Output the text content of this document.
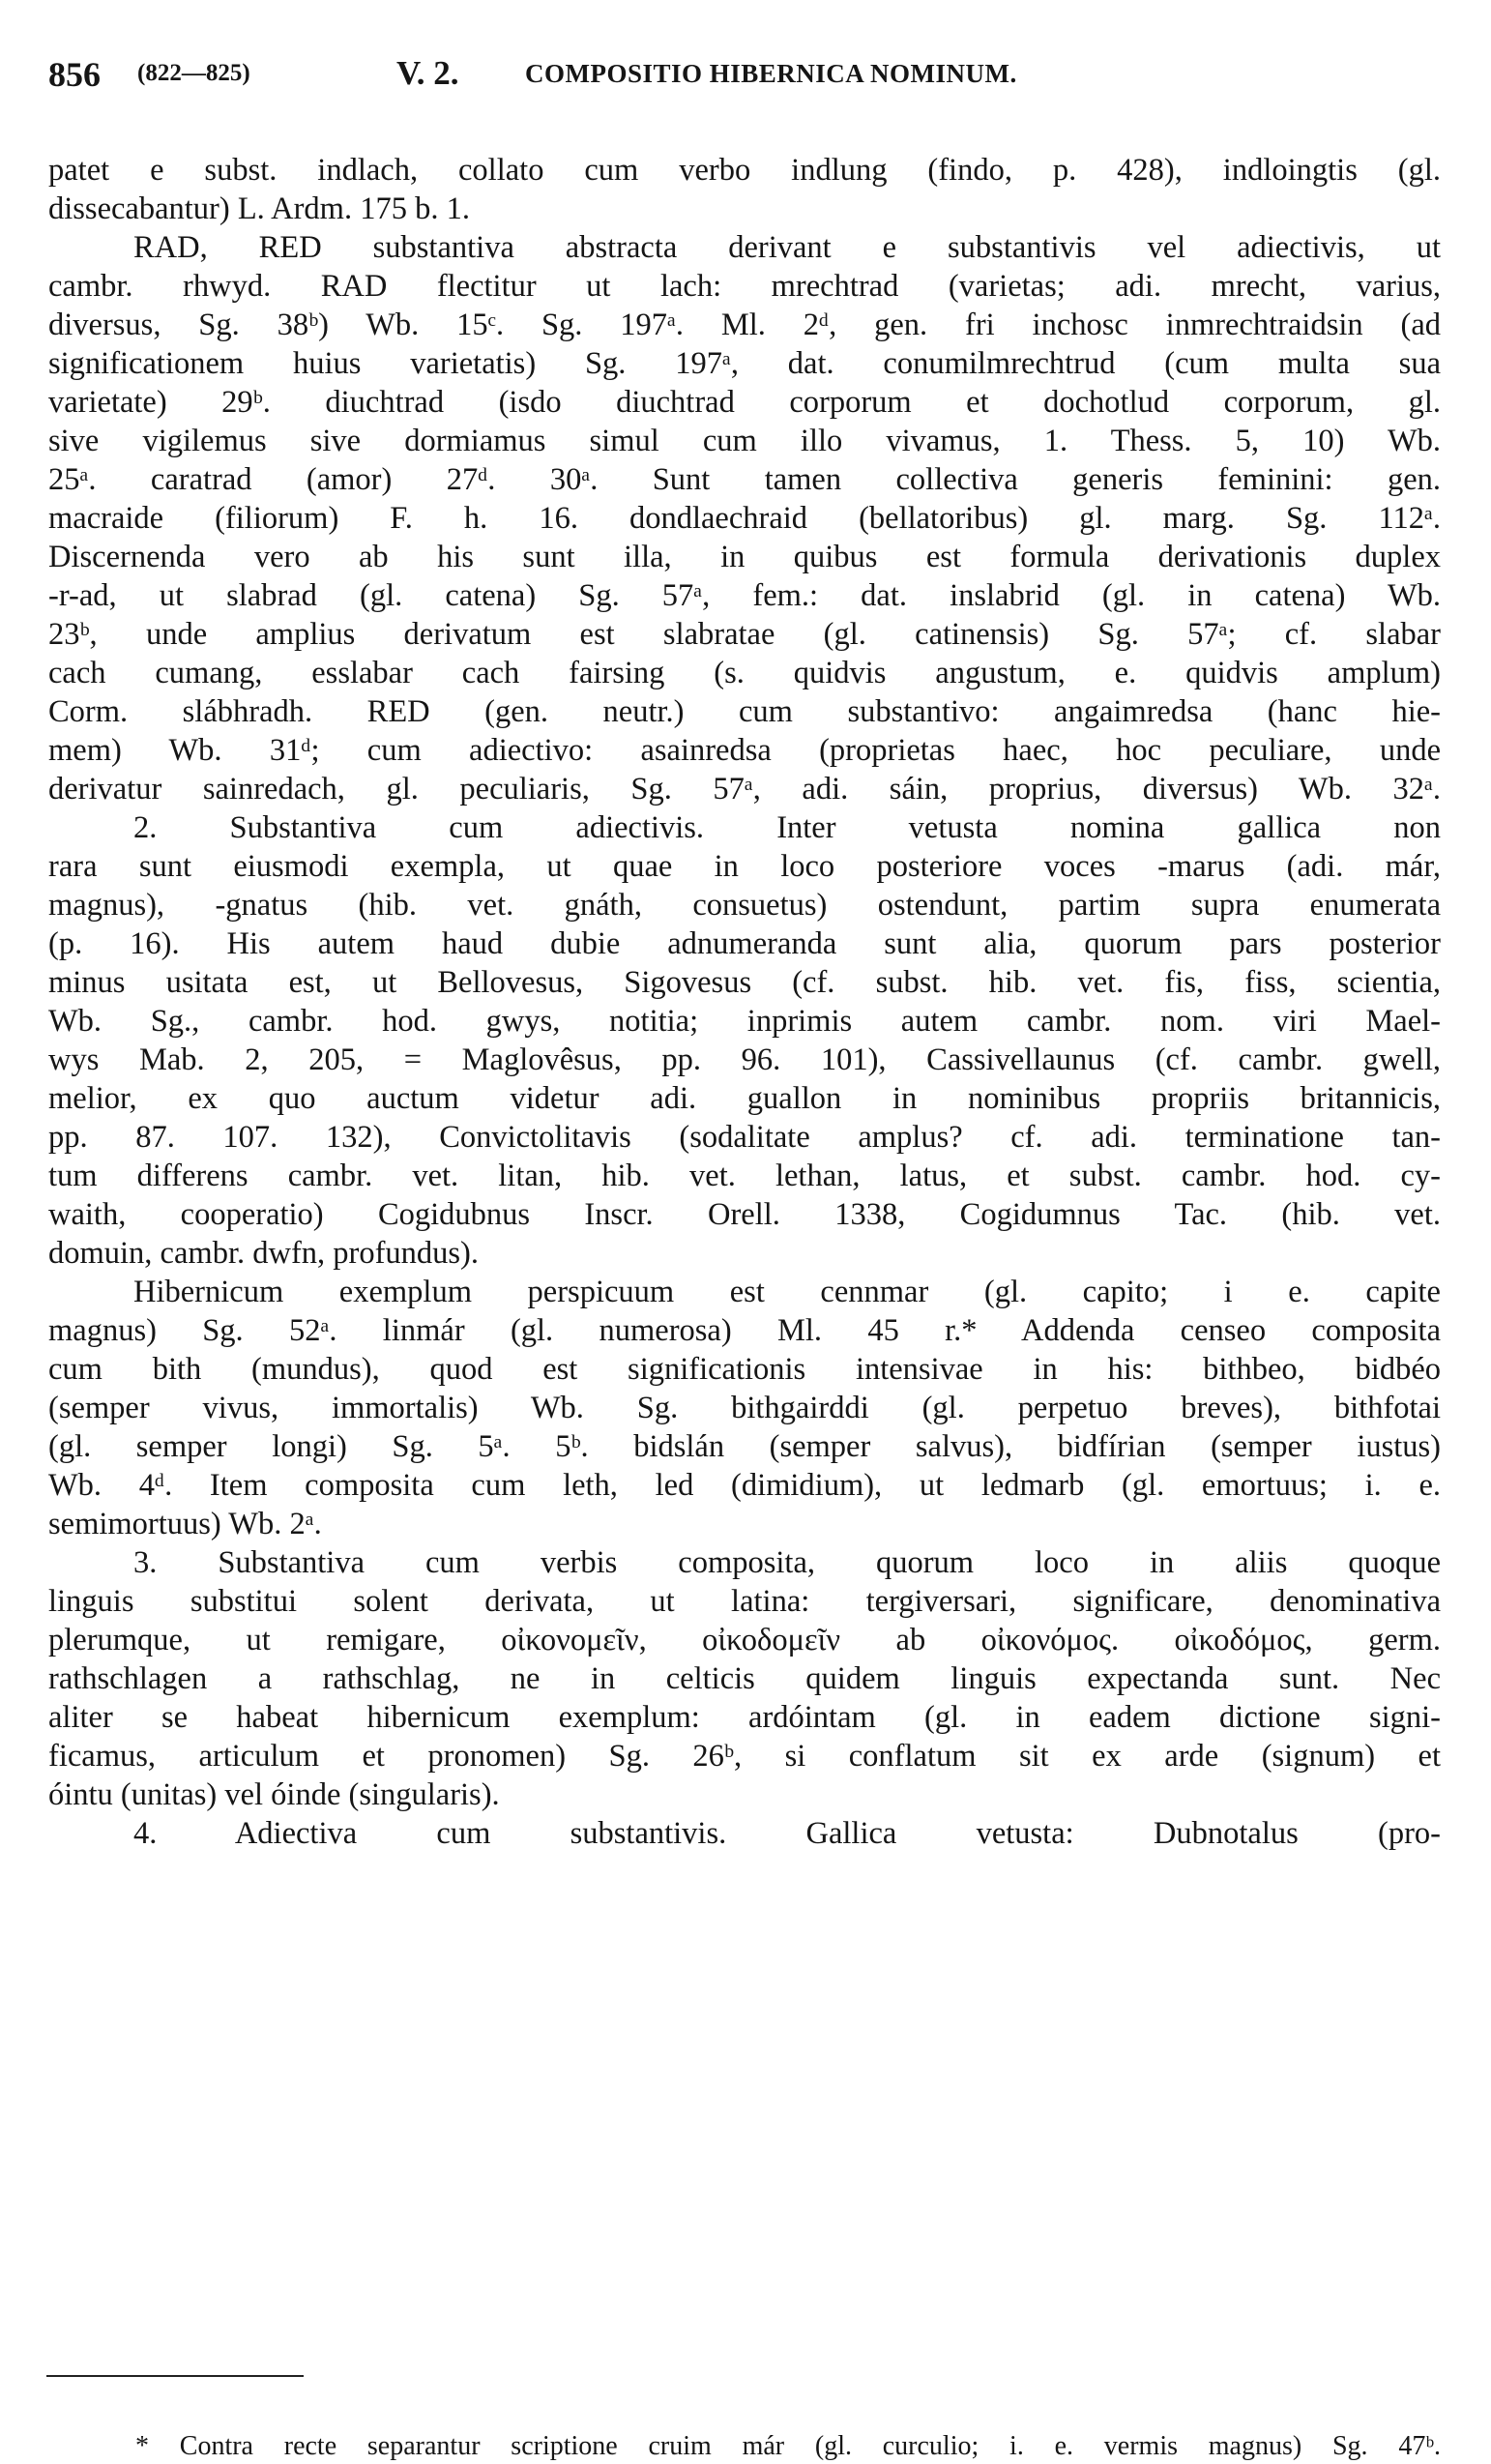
856 (822—825)	V. 2.	COMPOSITIO HIBERNICA NOMINUM.

patet e subst. indlach, collato cum verbo indlung (findo, p. 428), indloingtis (gl.

dissecabantur) L. Ardm. 175 b. 1.

RAD, RED substantiva abstracta derivant e substantivis vel adiectivis, ut

cambr. rhwyd. RAD flectitur ut lach: mrechtrad (varietas; adi. mrecht, varius,

diversus, Sg. 38ᵇ) Wb. 15ᶜ. Sg. 197ᵃ. Ml. 2ᵈ, gen. fri inchosc inmrechtraidsin (ad

significationem huius varietatis) Sg. 197ᵃ, dat. conumilmrechtrud (cum multa sua

varietate) 29ᵇ. diuchtrad (isdo diuchtrad corporum et dochotlud corporum, gl.

sive vigilemus sive dormiamus simul cum illo vivamus, 1. Thess. 5, 10) Wb.

25ᵃ. caratrad (amor) 27ᵈ. 30ᵃ. Sunt tamen collectiva generis feminini: gen.

macraide (filiorum) F. h. 16. dondlaechraid (bellatoribus) gl. marg. Sg. 112ᵃ.

Discernenda vero ab his sunt illa, in quibus est formula derivationis duplex

-r-ad, ut slabrad (gl. catena) Sg. 57ᵃ, fem.: dat. inslabrid (gl. in catena) Wb.

23ᵇ, unde amplius derivatum est slabratae (gl. catinensis) Sg. 57ᵃ; cf. slabar

cach cumang, esslabar cach fairsing (s. quidvis angustum, e. quidvis amplum)

Corm. slábhradh. RED (gen. neutr.) cum substantivo: angaimredsa (hanc hie-

mem) Wb. 31ᵈ; cum adiectivo: asainredsa (proprietas haec, hoc peculiare, unde

derivatur sainredach, gl. peculiaris, Sg. 57ᵃ, adi. sáin, proprius, diversus) Wb. 32ᵃ.

2. Substantiva cum adiectivis. Inter vetusta nomina gallica non

rara sunt eiusmodi exempla, ut quae in loco posteriore voces -marus (adi. már,

magnus), -gnatus (hib. vet. gnáth, consuetus) ostendunt, partim supra enumerata

(p. 16). His autem haud dubie adnumeranda sunt alia, quorum pars posterior

minus usitata est, ut Bellovesus, Sigovesus (cf. subst. hib. vet. fis, fiss, scientia,

Wb. Sg., cambr. hod. gwys, notitia; inprimis autem cambr. nom. viri Mael-

wys Mab. 2, 205, = Maglovêsus, pp. 96. 101), Cassivellaunus (cf. cambr. gwell,

melior, ex quo auctum videtur adi. guallon in nominibus propriis britannicis,

pp. 87. 107. 132), Convictolitavis (sodalitate amplus? cf. adi. terminatione tan-

tum differens cambr. vet. litan, hib. vet. lethan, latus, et subst. cambr. hod. cy-

waith, cooperatio) Cogidubnus Inscr. Orell. 1338, Cogidumnus Tac. (hib. vet.

domuin, cambr. dwfn, profundus).

Hibernicum exemplum perspicuum est cennmar (gl. capito; i e. capite

magnus) Sg. 52ᵃ. linmár (gl. numerosa) Ml. 45 r.* Addenda censeo composita

cum bith (mundus), quod est significationis intensivae in his: bithbeo, bidbéo

(semper vivus, immortalis) Wb. Sg. bithgairddi (gl. perpetuo breves), bithfotai

(gl. semper longi) Sg. 5ᵃ. 5ᵇ. bidslán (semper salvus), bidfírian (semper iustus)

Wb. 4ᵈ. Item composita cum leth, led (dimidium), ut ledmarb (gl. emortuus; i. e.

semimortuus) Wb. 2ᵃ.

3. Substantiva cum verbis composita, quorum loco in aliis quoque

linguis substitui solent derivata, ut latina: tergiversari, significare, denominativa

plerumque, ut remigare, οἰκονομεῖν, οἰκοδομεῖν ab οἰκονόμος. οἰκοδόμος, germ.

rathschlagen a rathschlag, ne in celticis quidem linguis expectanda sunt. Nec

aliter se habeat hibernicum exemplum: ardóintam (gl. in eadem dictione signi-

ficamus, articulum et pronomen) Sg. 26ᵇ, si conflatum sit ex arde (signum) et

óintu (unitas) vel óinde (singularis).

4. Adiectiva cum substantivis. Gallica vetusta: Dubnotalus (pro-

* Contra recte separantur scriptione cruim már (gl. curculio; i. e. vermis magnus) Sg. 47ᵇ.
